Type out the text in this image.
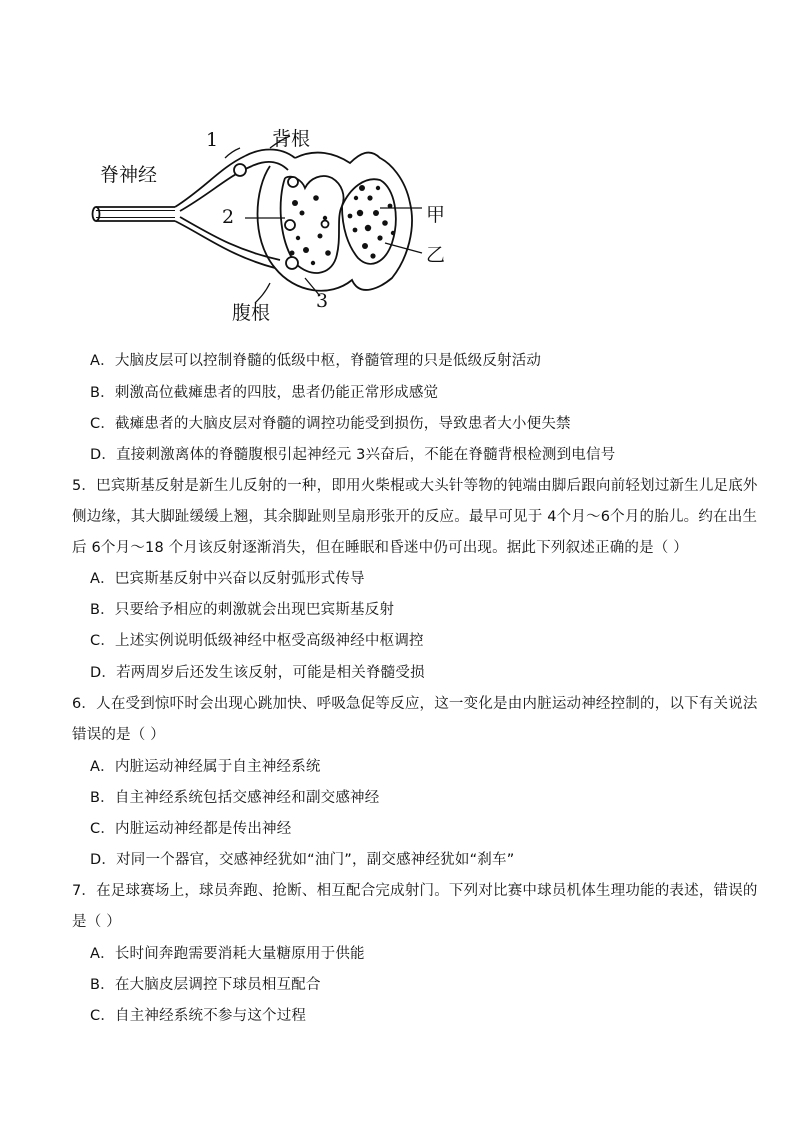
1	背根
脊神经
甲
2
乙
3
腹根
A．大脑皮层可以控制脊髓的低级中枢，脊髓管理的只是低级反射活动
B．刺激高位截瘫患者的四肢，患者仍能正常形成感觉
C．截瘫患者的大脑皮层对脊髓的调控功能受到损伤，导致患者大小便失禁
D．直接刺激离体的脊髓腹根引起神经元 3兴奋后，不能在脊髓背根检测到电信号
5．巴宾斯基反射是新生儿反射的一种，即用火柴棍或大头针等物的钝端由脚后跟向前轻划过新生儿足底外
侧边缘，其大脚趾缓缓上翘，其余脚趾则呈扇形张开的反应。最早可见于 4个月～6个月的胎儿。约在出生
后 6个月～18 个月该反射逐渐消失，但在睡眠和昏迷中仍可出现。据此下列叙述正确的是（ ）
A．巴宾斯基反射中兴奋以反射弧形式传导
B．只要给予相应的刺激就会出现巴宾斯基反射
C．上述实例说明低级神经中枢受高级神经中枢调控
D．若两周岁后还发生该反射，可能是相关脊髓受损
6．人在受到惊吓时会出现心跳加快、呼吸急促等反应，这一变化是由内脏运动神经控制的，以下有关说法
错误的是（ ）
A．内脏运动神经属于自主神经系统
B．自主神经系统包括交感神经和副交感神经
C．内脏运动神经都是传出神经
D．对同一个器官，交感神经犹如“油门”，副交感神经犹如“刹车”
7．在足球赛场上，球员奔跑、抢断、相互配合完成射门。下列对比赛中球员机体生理功能的表述，错误的
是（ ）
A．长时间奔跑需要消耗大量糖原用于供能
B．在大脑皮层调控下球员相互配合
C．自主神经系统不参与这个过程
